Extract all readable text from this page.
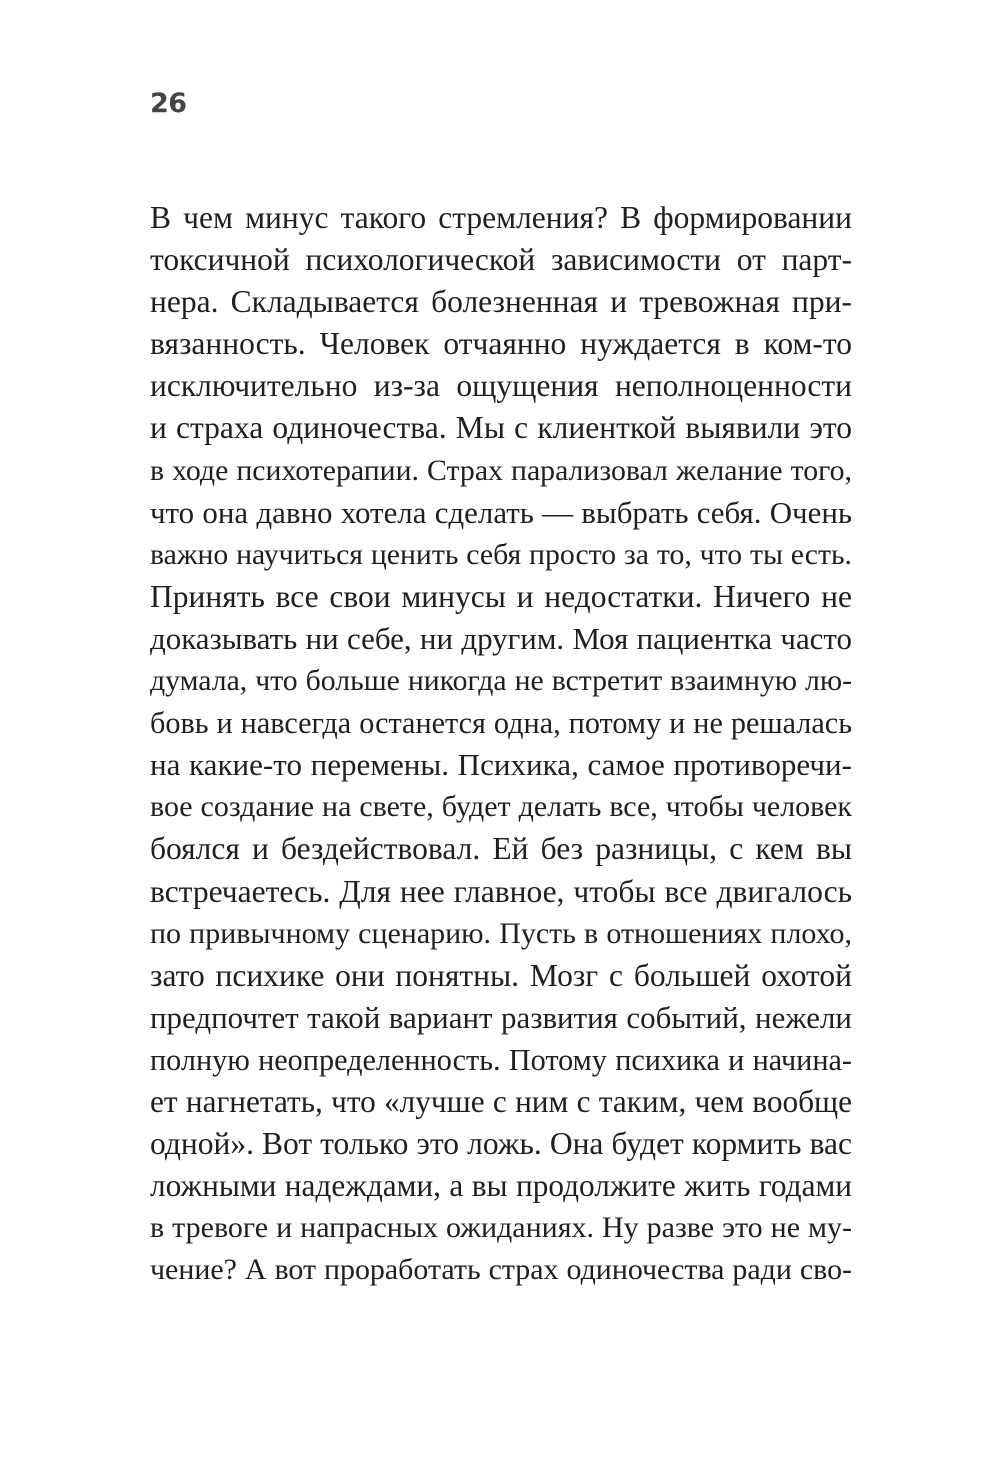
26
В чем минус такого стремления? В формировании
токсичной психологической зависимости от парт-
нера. Складывается болезненная и тревожная при-
вязанность. Человек отчаянно нуждается в ком-то
исключительно из-за ощущения неполноценности
и страха одиночества. Мы с клиенткой выявили это
в ходе психотерапии. Страх парализовал желание того,
что она давно хотела сделать — выбрать себя. Очень
важно научиться ценить себя просто за то, что ты есть.
Принять все свои минусы и недостатки. Ничего не
доказывать ни себе, ни другим. Моя пациентка часто
думала, что больше никогда не встретит взаимную лю-
бовь и навсегда останется одна, потому и не решалась
на какие-то перемены. Психика, самое противоречи-
вое создание на свете, будет делать все, чтобы человек
боялся и бездействовал. Ей без разницы, с кем вы
встречаетесь. Для нее главное, чтобы все двигалось
по привычному сценарию. Пусть в отношениях плохо,
зато психике они понятны. Мозг с большей охотой
предпочтет такой вариант развития событий, нежели
полную неопределенность. Потому психика и начина-
ет нагнетать, что «лучше с ним с таким, чем вообще
одной». Вот только это ложь. Она будет кормить вас
ложными надеждами, а вы продолжите жить годами
в тревоге и напрасных ожиданиях. Ну разве это не му-
чение? А вот проработать страх одиночества ради сво-
